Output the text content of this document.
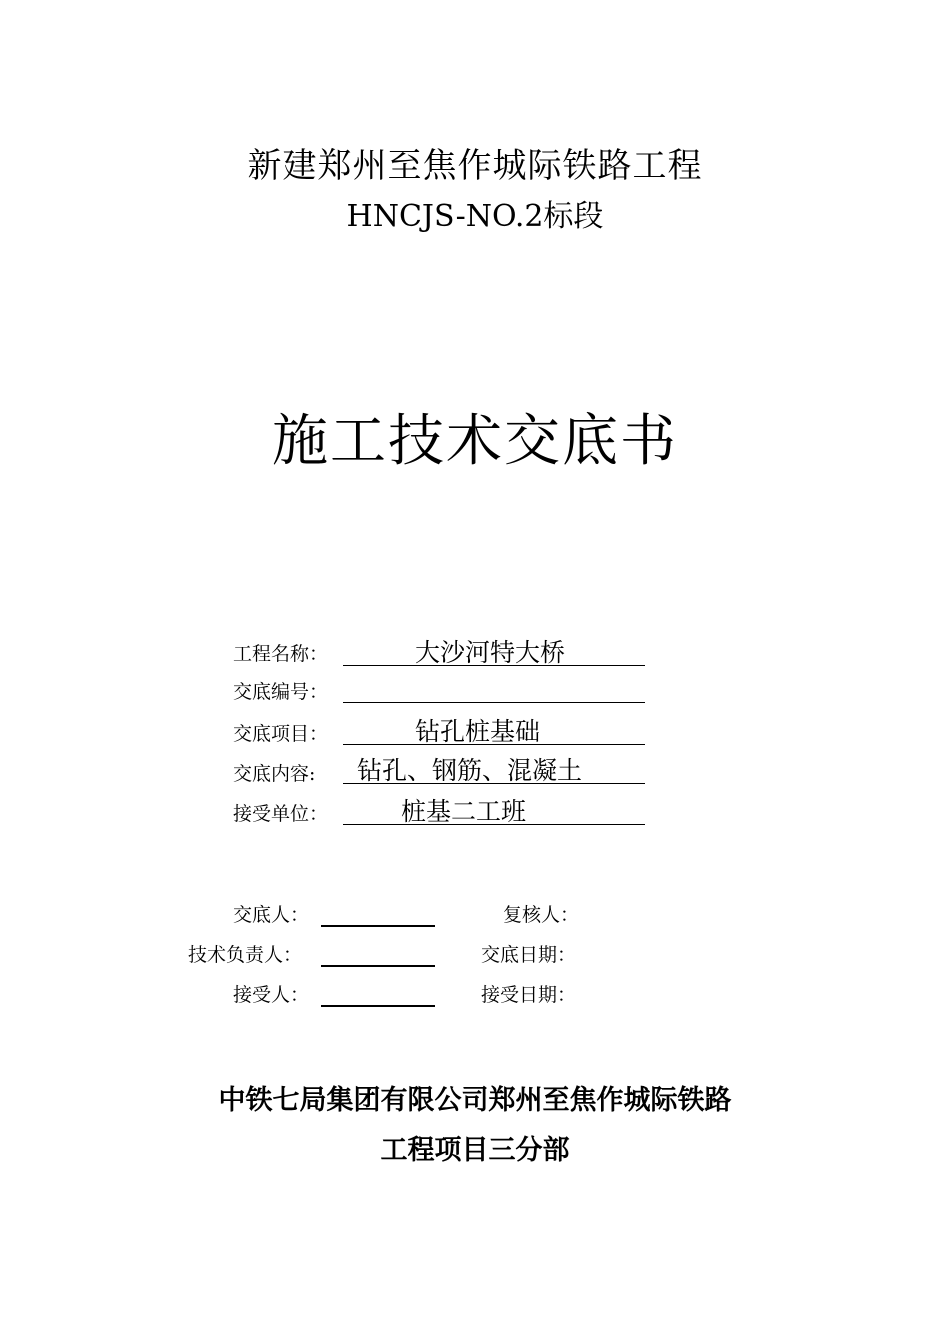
新建郑州至焦作城际铁路工程
HNCJS-NO.2标段
施工技术交底书
工程名称：	大沙河特大桥
交底编号：
交底项目：	钻孔桩基础
交底内容:	钻孔、钢筋、混凝土
接受单位：	桩基二工班
交底人：	复核人：
技术负责人：	交底日期：
接受人：	接受日期：
中铁七局集团有限公司郑州至焦作城际铁路
工程项目三分部
